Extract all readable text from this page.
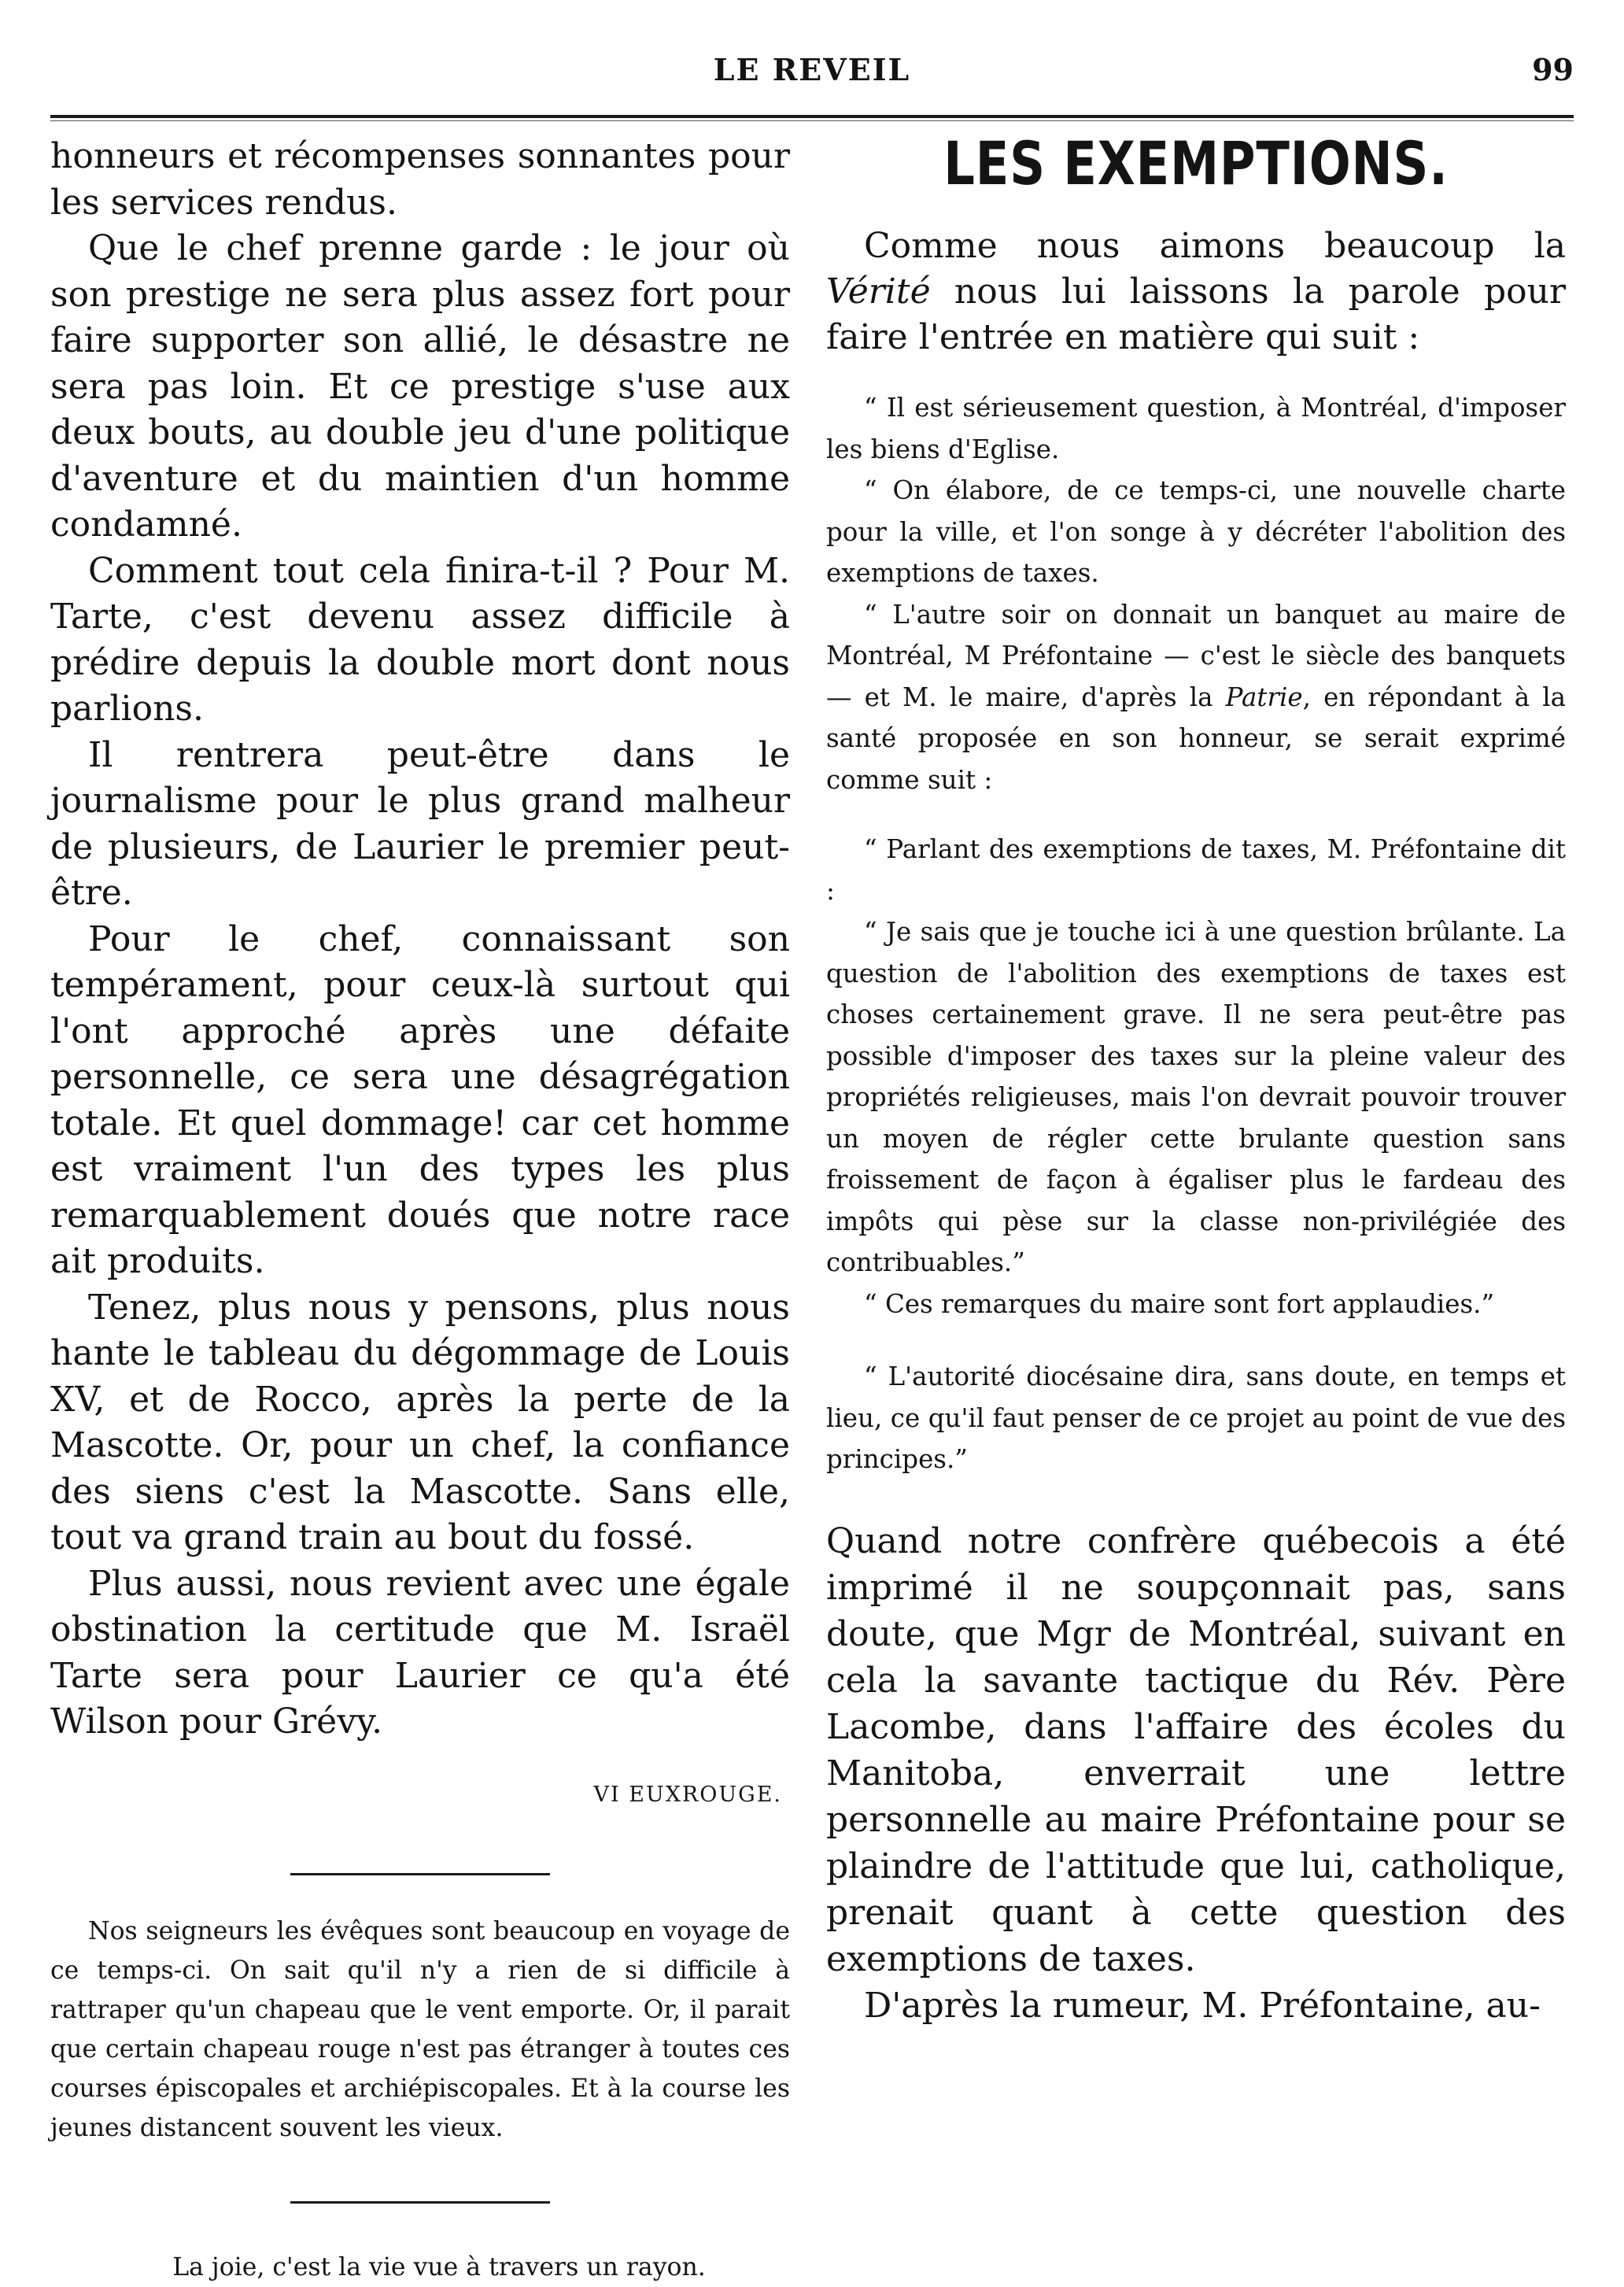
LE REVEIL	99

honneurs et récompenses sonnantes pour les services rendus.

Que le chef prenne garde : le jour où son prestige ne sera plus assez fort pour faire supporter son allié, le désastre ne sera pas loin. Et ce prestige s'use aux deux bouts, au double jeu d'une politique d'aventure et du maintien d'un homme condamné.

Comment tout cela finira-t-il ? Pour M. Tarte, c'est devenu assez difficile à prédire depuis la double mort dont nous parlions.

Il rentrera peut-être dans le journalisme pour le plus grand malheur de plusieurs, de Laurier le premier peut-être.

Pour le chef, connaissant son tempérament, pour ceux-là surtout qui l'ont approché après une défaite personnelle, ce sera une désagrégation totale. Et quel dommage! car cet homme est vraiment l'un des types les plus remarquablement doués que notre race ait produits.

Tenez, plus nous y pensons, plus nous hante le tableau du dégommage de Louis XV, et de Rocco, après la perte de la Mascotte. Or, pour un chef, la confiance des siens c'est la Mascotte. Sans elle, tout va grand train au bout du fossé.

Plus aussi, nous revient avec une égale obstination la certitude que M. Israël Tarte sera pour Laurier ce qu'a été Wilson pour Grévy.

VI EUXROUGE.

Nos seigneurs les évêques sont beaucoup en voyage de ce temps-ci. On sait qu'il n'y a rien de si difficile à rattraper qu'un chapeau que le vent emporte. Or, il parait que certain chapeau rouge n'est pas étranger à toutes ces courses épiscopales et archiépiscopales. Et à la course les jeunes distancent souvent les vieux.

La joie, c'est la vie vue à travers un rayon.

LES EXEMPTIONS.

Comme nous aimons beaucoup la Vérité nous lui laissons la parole pour faire l'entrée en matière qui suit :

“ Il est sérieusement question, à Montréal, d'imposer les biens d'Eglise.

“ On élabore, de ce temps-ci, une nouvelle charte pour la ville, et l'on songe à y décréter l'abolition des exemptions de taxes.

“ L'autre soir on donnait un banquet au maire de Montréal, M Préfontaine — c'est le siècle des banquets — et M. le maire, d'après la Patrie, en répondant à la santé proposée en son honneur, se serait exprimé comme suit :

“ Parlant des exemptions de taxes, M. Préfontaine dit :

“ Je sais que je touche ici à une question brûlante. La question de l'abolition des exemptions de taxes est choses certainement grave. Il ne sera peut-être pas possible d'imposer des taxes sur la pleine valeur des propriétés religieuses, mais l'on devrait pouvoir trouver un moyen de régler cette brulante question sans froissement de façon à égaliser plus le fardeau des impôts qui pèse sur la classe non-privilégiée des contribuables.”

“ Ces remarques du maire sont fort applaudies.”

“ L'autorité diocésaine dira, sans doute, en temps et lieu, ce qu'il faut penser de ce projet au point de vue des principes.”

Quand notre confrère québecois a été imprimé il ne soupçonnait pas, sans doute, que Mgr de Montréal, suivant en cela la savante tactique du Rév. Père Lacombe, dans l'affaire des écoles du Manitoba, enverrait une lettre personnelle au maire Préfontaine pour se plaindre de l'attitude que lui, catholique, prenait quant à cette question des exemptions de taxes.

D'après la rumeur, M. Préfontaine, au-
